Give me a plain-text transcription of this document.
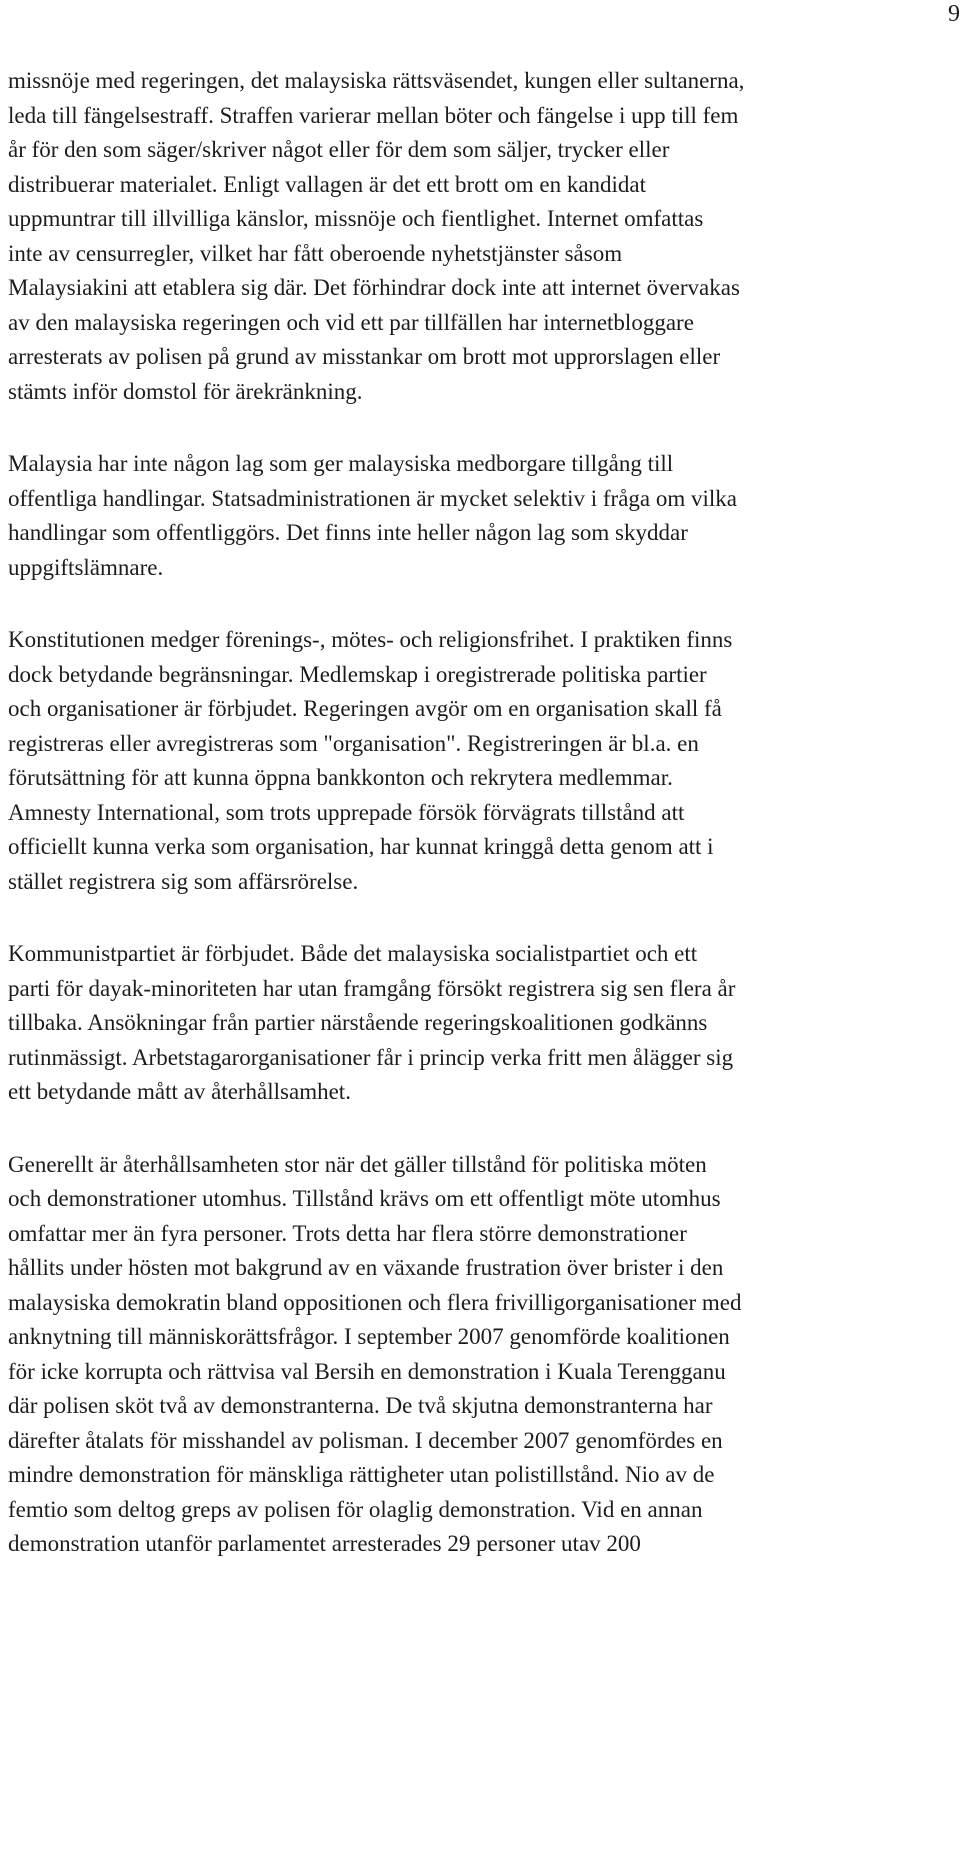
9

missnöje med regeringen, det malaysiska rättsväsendet, kungen eller sultanerna,
leda till fängelsestraff. Straffen varierar mellan böter och fängelse i upp till fem
år för den som säger/skriver något eller för dem som säljer, trycker eller
distribuerar materialet. Enligt vallagen är det ett brott om en kandidat
uppmuntrar till illvilliga känslor, missnöje och fientlighet. Internet omfattas
inte av censurregler, vilket har fått oberoende nyhetstjänster såsom
Malaysiakini att etablera sig där. Det förhindrar dock inte att internet övervakas
av den malaysiska regeringen och vid ett par tillfällen har internetbloggare
arresterats av polisen på grund av misstankar om brott mot upprorslagen eller
stämts inför domstol för ärekränkning.

Malaysia har inte någon lag som ger malaysiska medborgare tillgång till
offentliga handlingar. Statsadministrationen är mycket selektiv i fråga om vilka
handlingar som offentliggörs. Det finns inte heller någon lag som skyddar
uppgiftslämnare.

Konstitutionen medger förenings-, mötes- och religionsfrihet. I praktiken finns
dock betydande begränsningar. Medlemskap i oregistrerade politiska partier
och organisationer är förbjudet. Regeringen avgör om en organisation skall få
registreras eller avregistreras som "organisation". Registreringen är bl.a. en
förutsättning för att kunna öppna bankkonton och rekrytera medlemmar.
Amnesty International, som trots upprepade försök förvägrats tillstånd att
officiellt kunna verka som organisation, har kunnat kringgå detta genom att i
stället registrera sig som affärsrörelse.

Kommunistpartiet är förbjudet. Både det malaysiska socialistpartiet och ett
parti för dayak-minoriteten har utan framgång försökt registrera sig sen flera år
tillbaka. Ansökningar från partier närstående regeringskoalitionen godkänns
rutinmässigt. Arbetstagarorganisationer får i princip verka fritt men ålägger sig
ett betydande mått av återhållsamhet.

Generellt är återhållsamheten stor när det gäller tillstånd för politiska möten
och demonstrationer utomhus. Tillstånd krävs om ett offentligt möte utomhus
omfattar mer än fyra personer. Trots detta har flera större demonstrationer
hållits under hösten mot bakgrund av en växande frustration över brister i den
malaysiska demokratin bland oppositionen och flera frivilligorganisationer med
anknytning till människorättsfrågor. I september 2007 genomförde koalitionen
för icke korrupta och rättvisa val Bersih en demonstration i Kuala Terengganu
där polisen sköt två av demonstranterna. De två skjutna demonstranterna har
därefter åtalats för misshandel av polisman. I december 2007 genomfördes en
mindre demonstration för mänskliga rättigheter utan polistillstånd. Nio av de
femtio som deltog greps av polisen för olaglig demonstration. Vid en annan
demonstration utanför parlamentet arresterades 29 personer utav 200
